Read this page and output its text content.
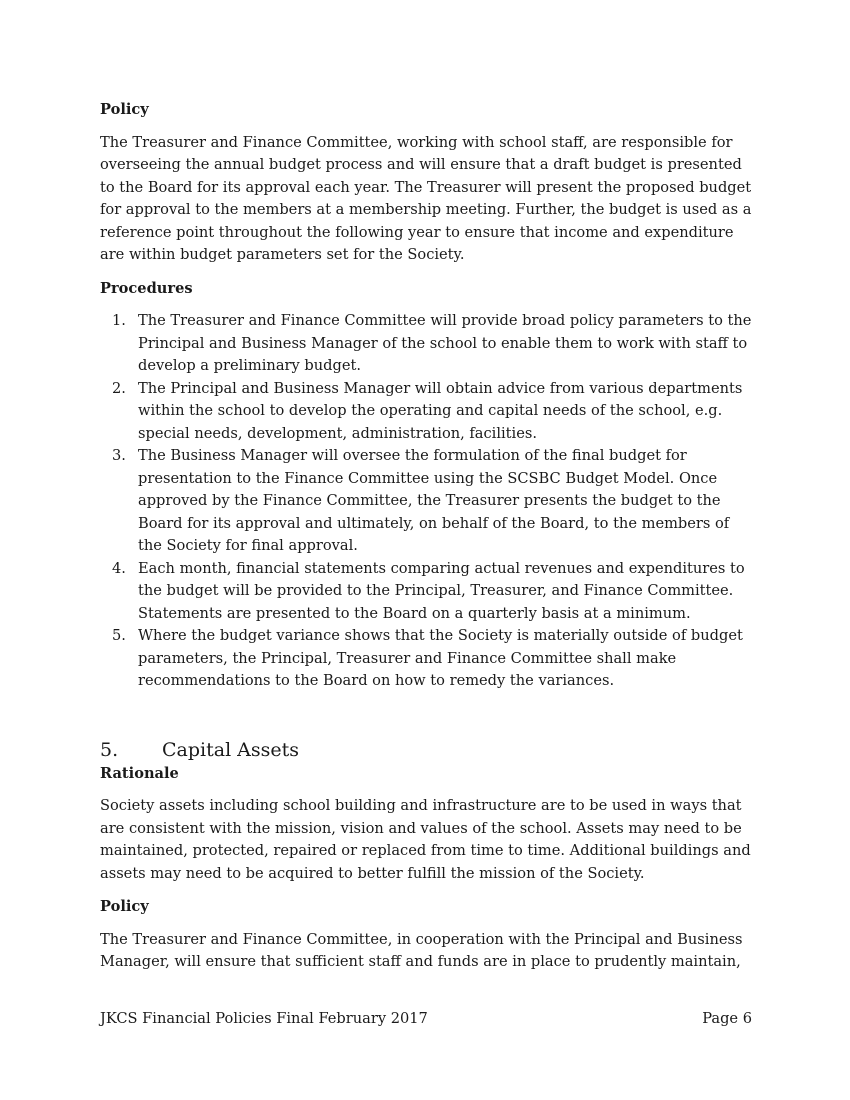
Policy

The Treasurer and Finance Committee, working with school staff, are responsible for overseeing the annual budget process and will ensure that a draft budget is presented to the Board for its approval each year. The Treasurer will present the proposed budget for approval to the members at a membership meeting. Further, the budget is used as a reference point throughout the following year to ensure that income and expenditure are within budget parameters set for the Society.

Procedures
1. The Treasurer and Finance Committee will provide broad policy parameters to the Principal and Business Manager of the school to enable them to work with staff to develop a preliminary budget.
2. The Principal and Business Manager will obtain advice from various departments within the school to develop the operating and capital needs of the school, e.g. special needs, development, administration, facilities.
3. The Business Manager will oversee the formulation of the final budget for presentation to the Finance Committee using the SCSBC Budget Model. Once approved by the Finance Committee, the Treasurer presents the budget to the Board for its approval and ultimately, on behalf of the Board, to the members of the Society for final approval.
4. Each month, financial statements comparing actual revenues and expenditures to the budget will be provided to the Principal, Treasurer, and Finance Committee. Statements are presented to the Board on a quarterly basis at a minimum.
5. Where the budget variance shows that the Society is materially outside of budget parameters, the Principal, Treasurer and Finance Committee shall make recommendations to the Board on how to remedy the variances.
5.	Capital Assets
Rationale

Society assets including school building and infrastructure are to be used in ways that are consistent with the mission, vision and values of the school. Assets may need to be maintained, protected, repaired or replaced from time to time. Additional buildings and assets may need to be acquired to better fulfill the mission of the Society.

Policy

The Treasurer and Finance Committee, in cooperation with the Principal and Business Manager, will ensure that sufficient staff and funds are in place to prudently maintain,

JKCS Financial Policies Final February 2017	Page 6
